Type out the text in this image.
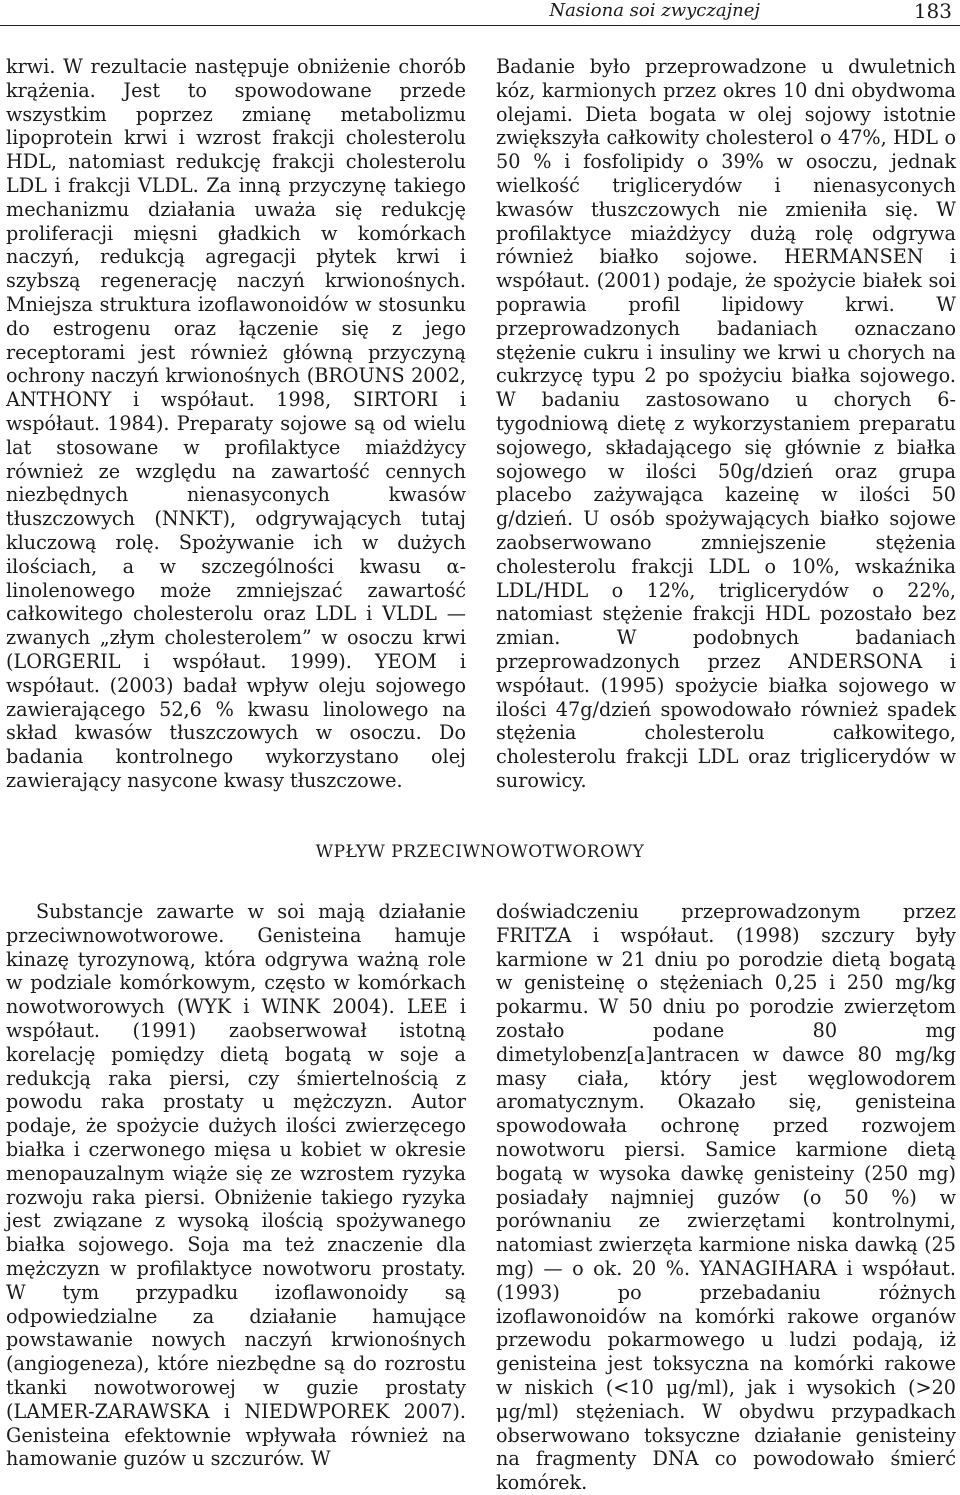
Nasiona soi zwyczajnej	183

krwi. W rezultacie następuje obniżenie chorób krążenia. Jest to spowodowane przede wszystkim poprzez zmianę metabolizmu lipoprotein krwi i wzrost frakcji cholesterolu HDL, natomiast redukcję frakcji cholesterolu LDL i frakcji VLDL. Za inną przyczynę takiego mechanizmu działania uważa się redukcję proliferacji mięsni gładkich w komórkach naczyń, redukcją agregacji płytek krwi i szybszą regenerację naczyń krwionośnych. Mniejsza struktura izoflawonoidów w stosunku do estrogenu oraz łączenie się z jego receptorami jest również główną przyczyną ochrony naczyń krwionośnych (BROUNS 2002, ANTHONY i współaut. 1998, SIRTORI i współaut. 1984). Preparaty sojowe są od wielu lat stosowane w profilaktyce miażdżycy również ze względu na zawartość cennych niezbędnych nienasyconych kwasów tłuszczowych (NNKT), odgrywających tutaj kluczową rolę. Spożywanie ich w dużych ilościach, a w szczególności kwasu α-linolenowego może zmniejszać zawartość całkowitego cholesterolu oraz LDL i VLDL — zwanych „złym cholesterolem” w osoczu krwi (LORGERIL i współaut. 1999). YEOM i współaut. (2003) badał wpływ oleju sojowego zawierającego 52,6 % kwasu linolowego na skład kwasów tłuszczowych w osoczu. Do badania kontrolnego wykorzystano olej zawierający nasycone kwasy tłuszczowe.

Badanie było przeprowadzone u dwuletnich kóz, karmionych przez okres 10 dni obydwoma olejami. Dieta bogata w olej sojowy istotnie zwiększyła całkowity cholesterol o 47%, HDL o 50 % i fosfolipidy o 39% w osoczu, jednak wielkość triglicerydów i nienasyconych kwasów tłuszczowych nie zmieniła się. W profilaktyce miażdżycy dużą rolę odgrywa również białko sojowe. HERMANSEN i współaut. (2001) podaje, że spożycie białek soi poprawia profil lipidowy krwi. W przeprowadzonych badaniach oznaczano stężenie cukru i insuliny we krwi u chorych na cukrzycę typu 2 po spożyciu białka sojowego. W badaniu zastosowano u chorych 6-tygodniową dietę z wykorzystaniem preparatu sojowego, składającego się głównie z białka sojowego w ilości 50g/dzień oraz grupa placebo zażywająca kazeinę w ilości 50 g/dzień. U osób spożywających białko sojowe zaobserwowano zmniejszenie stężenia cholesterolu frakcji LDL o 10%, wskaźnika LDL/HDL o 12%, triglicerydów o 22%, natomiast stężenie frakcji HDL pozostało bez zmian. W podobnych badaniach przeprowadzonych przez ANDERSONA i współaut. (1995) spożycie białka sojowego w ilości 47g/dzień spowodowało również spadek stężenia cholesterolu całkowitego, cholesterolu frakcji LDL oraz triglicerydów w surowicy.

WPŁYW PRZECIWNOWOTWOROWY

Substancje zawarte w soi mają działanie przeciwnowotworowe. Genisteina hamuje kinazę tyrozynową, która odgrywa ważną role w podziale komórkowym, często w komórkach nowotworowych (WYK i WINK 2004). LEE i współaut. (1991) zaobserwował istotną korelację pomiędzy dietą bogatą w soje a redukcją raka piersi, czy śmiertelnością z powodu raka prostaty u mężczyzn. Autor podaje, że spożycie dużych ilości zwierzęcego białka i czerwonego mięsa u kobiet w okresie menopauzalnym wiąże się ze wzrostem ryzyka rozwoju raka piersi. Obniżenie takiego ryzyka jest związane z wysoką ilością spożywanego białka sojowego. Soja ma też znaczenie dla mężczyzn w profilaktyce nowotworu prostaty. W tym przypadku izoflawonoidy są odpowiedzialne za działanie hamujące powstawanie nowych naczyń krwionośnych (angiogeneza), które niezbędne są do rozrostu tkanki nowotworowej w guzie prostaty (LAMER-ZARAWSKA i NIEDWPOREK 2007). Genisteina efektownie wpływała również na hamowanie guzów u szczurów. W

doświadczeniu przeprowadzonym przez FRITZA i współaut. (1998) szczury były karmione w 21 dniu po porodzie dietą bogatą w genisteinę o stężeniach 0,25 i 250 mg/kg pokarmu. W 50 dniu po porodzie zwierzętom zostało podane 80 mg dimetylobenz[a]antracen w dawce 80 mg/kg masy ciała, który jest węglowodorem aromatycznym. Okazało się, genisteina spowodowała ochronę przed rozwojem nowotworu piersi. Samice karmione dietą bogatą w wysoka dawkę genisteiny (250 mg) posiadały najmniej guzów (o 50 %) w porównaniu ze zwierzętami kontrolnymi, natomiast zwierzęta karmione niska dawką (25 mg) — o ok. 20 %. YANAGIHARA i współaut. (1993) po przebadaniu różnych izoflawonoidów na komórki rakowe organów przewodu pokarmowego u ludzi podają, iż genisteina jest toksyczna na komórki rakowe w niskich (<10 μg/ml), jak i wysokich (>20 μg/ml) stężeniach. W obydwu przypadkach obserwowano toksyczne działanie genisteiny na fragmenty DNA co powodowało śmierć komórek.
